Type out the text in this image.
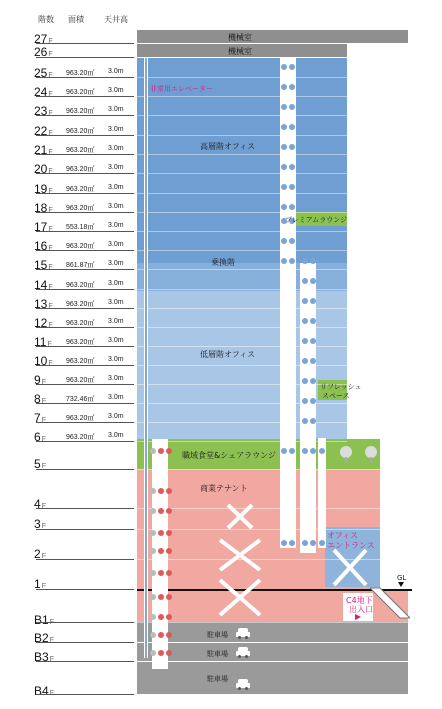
階数 面積	天井高
27F
26F
25F 963.20㎡ 3.0m
24F 963.20㎡ 3.0m
23F 963.20㎡ 3.0m
22F 963.20㎡ 3.0m
21F 963.20㎡ 3.0m
20F 963.20㎡ 3.0m
19F 963.20㎡ 3.0m
18F 963.20㎡ 3.0m
17F 553.18㎡ 3.0m
16F 963.20㎡ 3.0m
15F 861.87㎡ 3.0m
14F 963.20㎡ 3.0m
13F 963.20㎡ 3.0m
12F 963.20㎡ 3.0m
11F 963.20㎡ 3.0m
10F 963.20㎡ 3.0m
9F	963.20㎡ 3.0m
8F	732.46㎡ 3.0m
7F	963.20㎡ 3.0m
6F	963.20㎡ 3.0m
5F
4F
3F
2F
1F
B1F
B2F
B3F
B4F
機械室
機械室
GL
非常用エレベーター
C4地下
出入口
高層階オフィス
プレミアムラウンジ
乗換階
低層階オフィス
リフレッシュ
スペース
職域食堂&シェアラウンジ
商業テナント
オフィス
エントランス
駐車場
駐車場
駐車場
